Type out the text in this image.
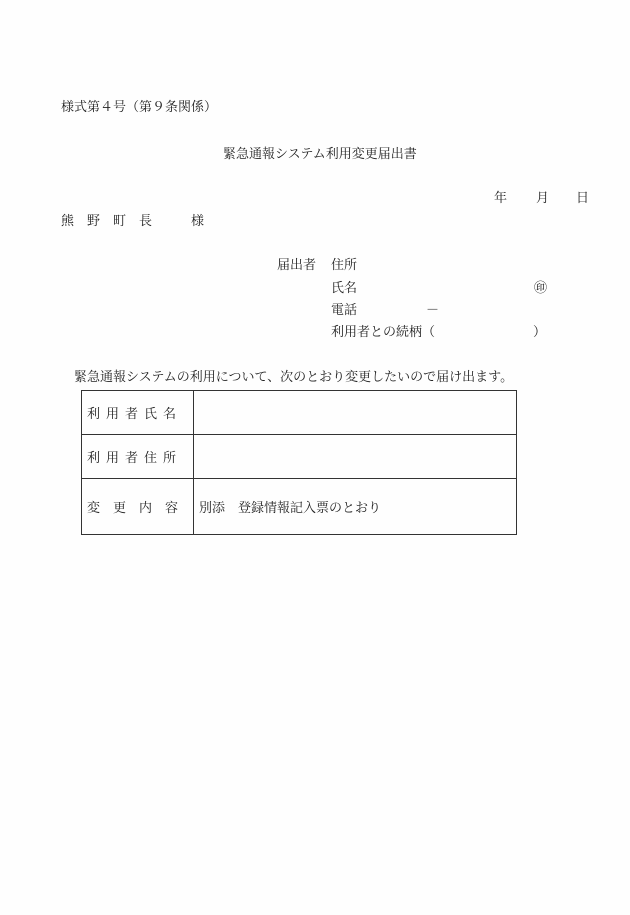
様式第４号（第９条関係）
緊急通報システム利用変更届出書
年 月 日
熊　野　町　長　　　様
届出者 住所
氏名	㊞
電話	－
利用者との続柄（	）
緊急通報システムの利用について、次のとおり変更したいので届け出ます。
利用者氏名	
利用者住所	
変　更　内　容	別添　登録情報記入票のとおり
